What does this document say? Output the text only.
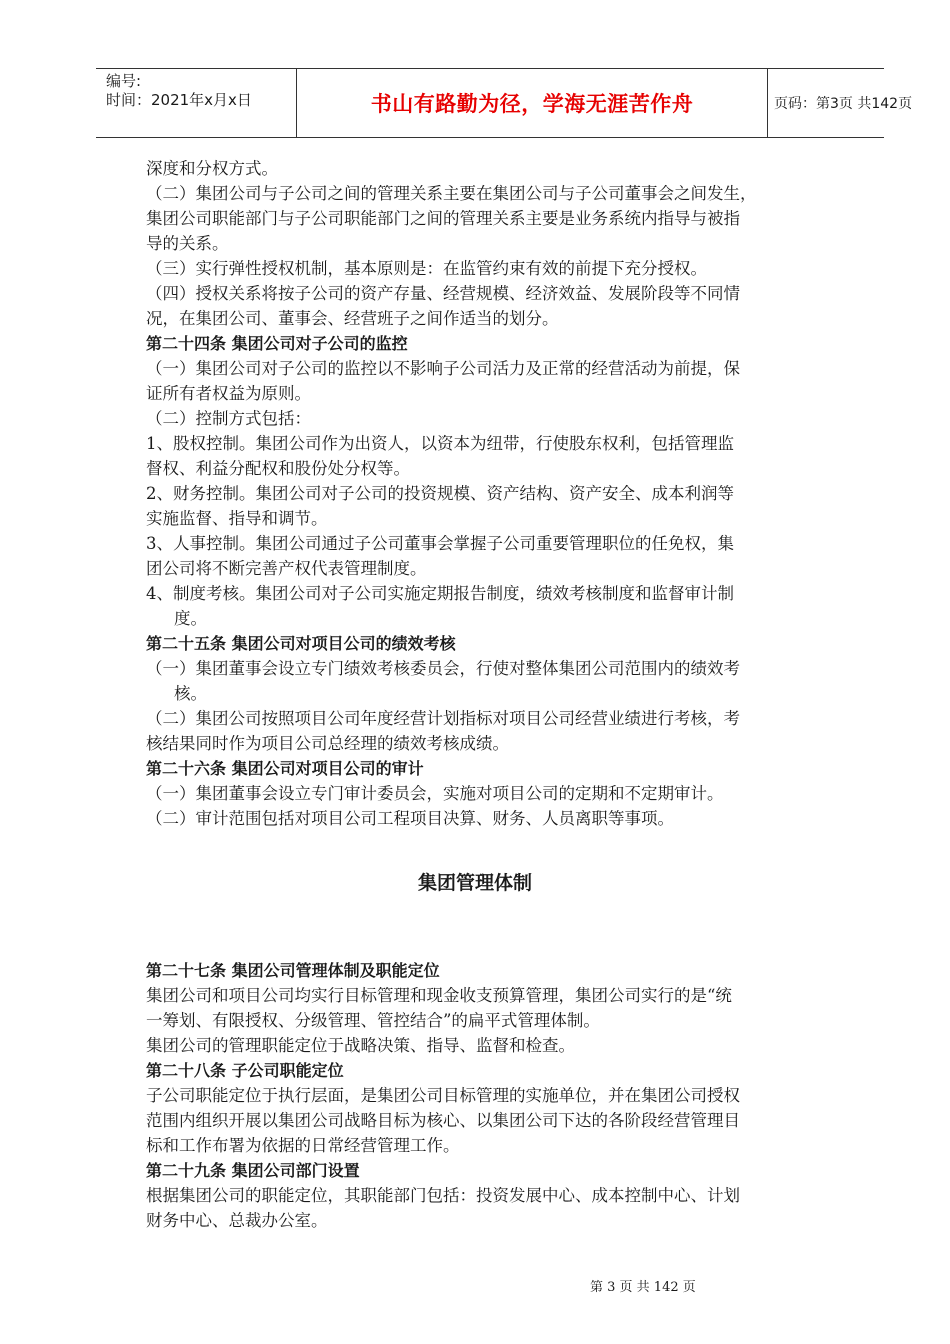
编号:
时间：2021年x月x日	书山有路勤为径，学海无涯苦作舟	页码：第3页 共142页
深度和分权方式。
（二）集团公司与子公司之间的管理关系主要在集团公司与子公司董事会之间发生，
集团公司职能部门与子公司职能部门之间的管理关系主要是业务系统内指导与被指
导的关系。
（三）实行弹性授权机制，基本原则是：在监管约束有效的前提下充分授权。
（四）授权关系将按子公司的资产存量、经营规模、经济效益、发展阶段等不同情
况，在集团公司、董事会、经营班子之间作适当的划分。
第二十四条 集团公司对子公司的监控
（一）集团公司对子公司的监控以不影响子公司活力及正常的经营活动为前提，保
证所有者权益为原则。
（二）控制方式包括：
1、股权控制。集团公司作为出资人，以资本为纽带，行使股东权利，包括管理监
督权、利益分配权和股份处分权等。
2、财务控制。集团公司对子公司的投资规模、资产结构、资产安全、成本利润等
实施监督、指导和调节。
3、人事控制。集团公司通过子公司董事会掌握子公司重要管理职位的任免权，集
团公司将不断完善产权代表管理制度。
4、制度考核。集团公司对子公司实施定期报告制度，绩效考核制度和监督审计制
度。
第二十五条 集团公司对项目公司的绩效考核
（一）集团董事会设立专门绩效考核委员会，行使对整体集团公司范围内的绩效考
核。
（二）集团公司按照项目公司年度经营计划指标对项目公司经营业绩进行考核，考
核结果同时作为项目公司总经理的绩效考核成绩。
第二十六条 集团公司对项目公司的审计
（一）集团董事会设立专门审计委员会，实施对项目公司的定期和不定期审计。
（二）审计范围包括对项目公司工程项目决算、财务、人员离职等事项。
集团管理体制
第二十七条 集团公司管理体制及职能定位
集团公司和项目公司均实行目标管理和现金收支预算管理，集团公司实行的是“统
一筹划、有限授权、分级管理、管控结合”的扁平式管理体制。
集团公司的管理职能定位于战略决策、指导、监督和检查。
第二十八条 子公司职能定位
子公司职能定位于执行层面，是集团公司目标管理的实施单位，并在集团公司授权
范围内组织开展以集团公司战略目标为核心、以集团公司下达的各阶段经营管理目
标和工作布署为依据的日常经营管理工作。
第二十九条 集团公司部门设置
根据集团公司的职能定位，其职能部门包括：投资发展中心、成本控制中心、计划
财务中心、总裁办公室。
第 3 页 共 142 页
